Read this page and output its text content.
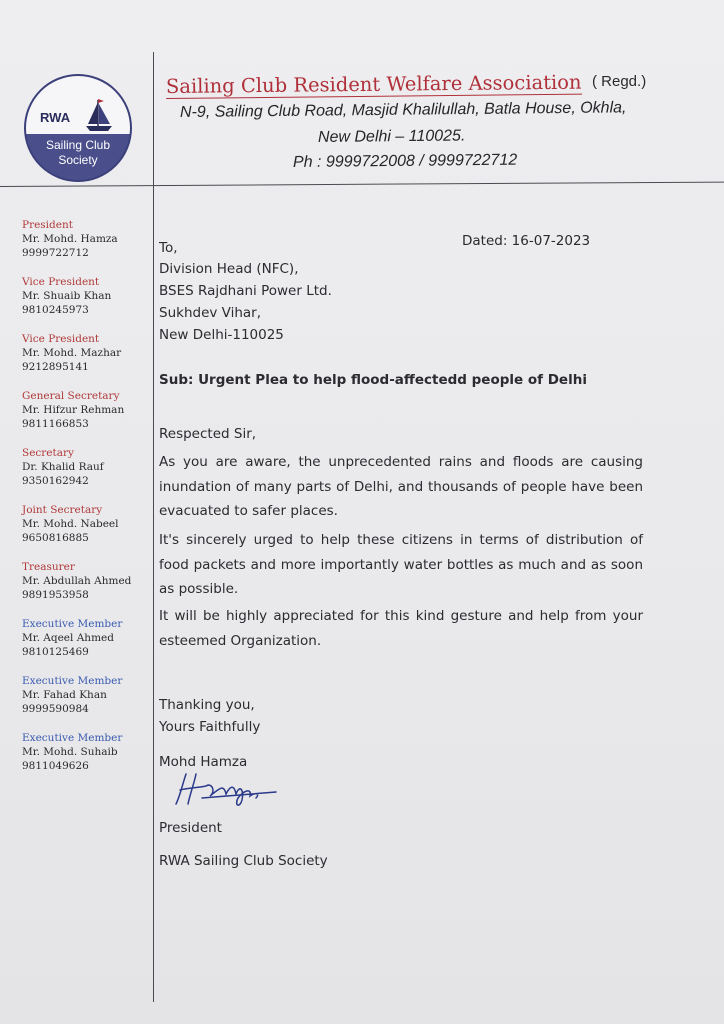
RWA
Sailing Club
Society
Sailing Club Resident Welfare Association ( Regd.)
N-9, Sailing Club Road, Masjid Khalilullah, Batla House, Okhla,
New Delhi – 110025.
Ph : 9999722008 / 9999722712
President
Mr. Mohd. Hamza
9999722712
Vice President
Mr. Shuaib Khan
9810245973
Vice President
Mr. Mohd. Mazhar
9212895141
General Secretary
Mr. Hifzur Rehman
9811166853
Secretary
Dr. Khalid Rauf
9350162942
Joint Secretary
Mr. Mohd. Nabeel
9650816885
Treasurer
Mr. Abdullah Ahmed
9891953958
Executive Member
Mr. Aqeel Ahmed
9810125469
Executive Member
Mr. Fahad Khan
9999590984
Executive Member
Mr. Mohd. Suhaib
9811049626
To,	Dated: 16-07-2023
Division Head (NFC),
BSES Rajdhani Power Ltd.
Sukhdev Vihar,
New Delhi-110025
Sub: Urgent Plea to help flood-affectedd people of Delhi
Respected Sir,
As you are aware, the unprecedented rains and floods are causing inundation of many parts of Delhi, and thousands of people have been evacuated to safer places.
It's sincerely urged to help these citizens in terms of distribution of food packets and more importantly water bottles as much and as soon as possible.
It will be highly appreciated for this kind gesture and help from your esteemed Organization.
Thanking you,
Yours Faithfully
Mohd Hamza
President
RWA Sailing Club Society
